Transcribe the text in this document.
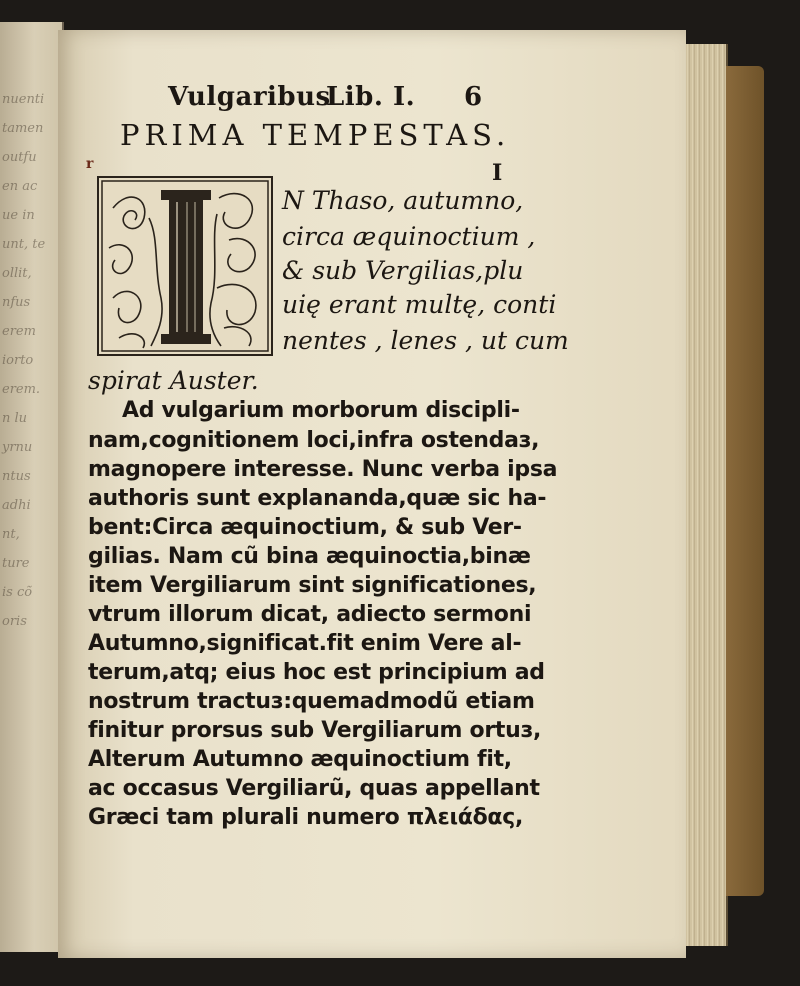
nuenti
tamen
outfu
en ac
ue in
unt, te
ollit,
nfus
erem
iorto
erem.
n lu
yrnu
ntus
adhi
nt,
ture
is cõ
oris
Vulgaribus
Lib. I. 6
PRIMA TEMPESTAS.
I
r
N Thaso, autumno,
circa æquinoctium ,
& sub Vergilias,plu
uię erant multę, conti
nentes , lenes , ut cum
spirat Auster.
Ad vulgarium morborum discipli-
nam,cognitionem loci,infra ostendaз,
magnopere interesse. Nunc verba ipsa
authoris sunt explananda,quæ sic ha-
bent:Circa æquinoctium, & sub Ver-
gilias. Nam cũ bina æquinoctia,binæ
item Vergiliarum sint significationes,
vtrum illorum dicat, adiecto sermoni
Autumno,significat.fit enim Vere al-
terum,atq; eius hoc est principium ad
nostrum tractuз:quemadmodũ etiam
finitur prorsus sub Vergiliarum ortuз,
Alterum Autumno æquinoctium fit,
ac occasus Vergiliarũ, quas appellant
Græci tam plurali numero πλειάδας,
